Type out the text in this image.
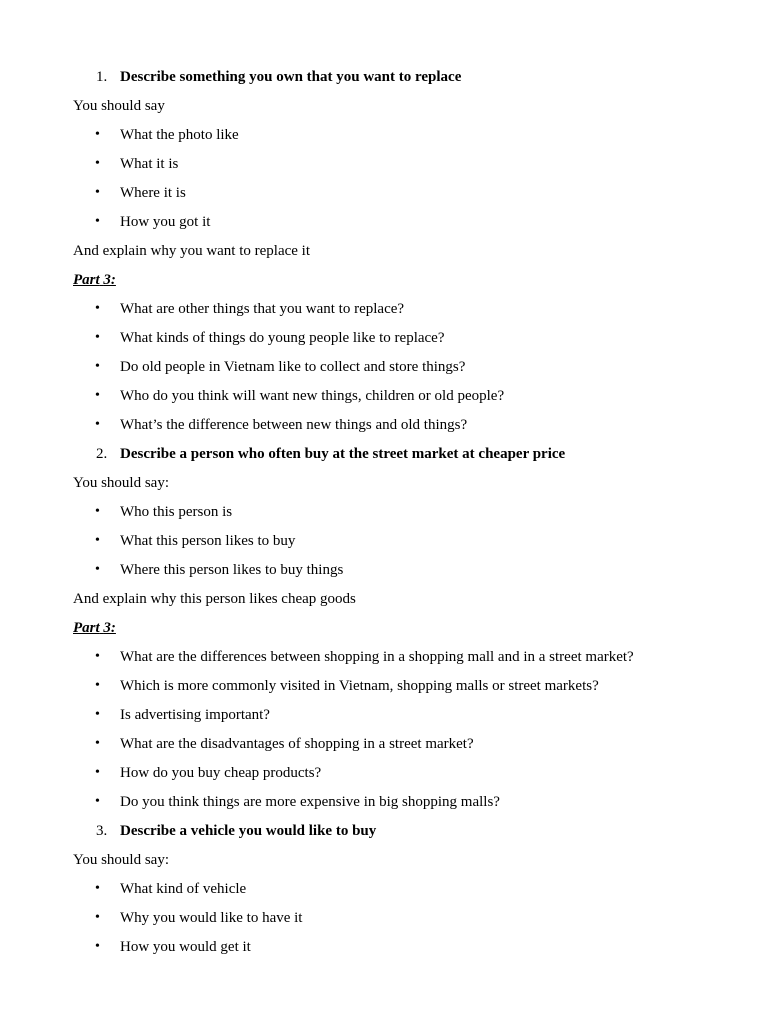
1. Describe something you own that you want to replace
You should say
• What the photo like
• What it is
• Where it is
• How you got it
And explain why you want to replace it
Part 3:
• What are other things that you want to replace?
• What kinds of things do young people like to replace?
• Do old people in Vietnam like to collect and store things?
• Who do you think will want new things, children or old people?
• What’s the difference between new things and old things?
2. Describe a person who often buy at the street market at cheaper price
You should say:
• Who this person is
• What this person likes to buy
• Where this person likes to buy things
And explain why this person likes cheap goods
Part 3:
• What are the differences between shopping in a shopping mall and in a street market?
• Which is more commonly visited in Vietnam, shopping malls or street markets?
• Is advertising important?
• What are the disadvantages of shopping in a street market?
• How do you buy cheap products?
• Do you think things are more expensive in big shopping malls?
3. Describe a vehicle you would like to buy
You should say:
• What kind of vehicle
• Why you would like to have it
• How you would get it
